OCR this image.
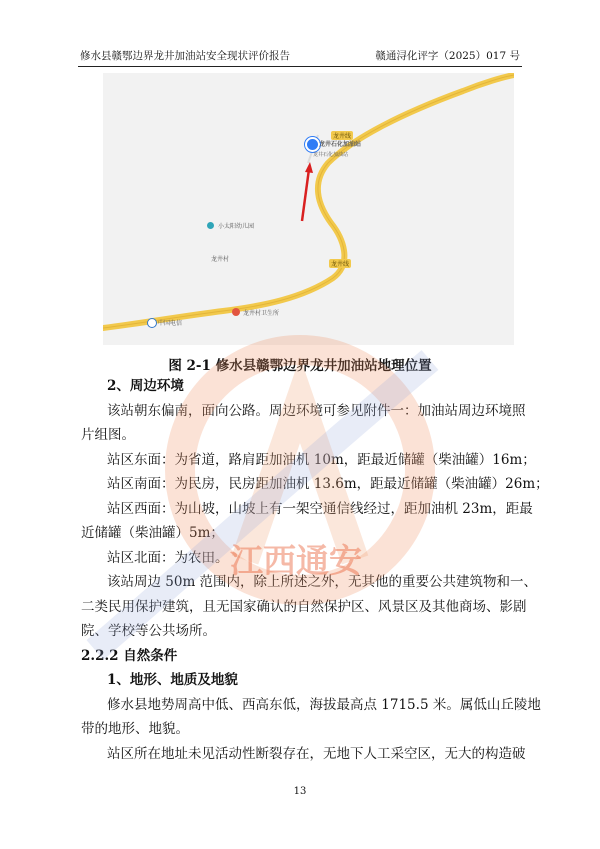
修水县赣鄂边界龙井加油站安全现状评价报告	赣通浔化评字（2025）017 号
龙井线
龙井线
龙井石化加油站
龙井石化加油站
小太阳幼儿园
龙井村
中国电信
龙井村卫生所
图 2-1 修水县赣鄂边界龙井加油站地理位置
2、周边环境
该站朝东偏南，面向公路。周边环境可参见附件一：加油站周边环境照
片组图。
站区东面：为省道，路肩距加油机 10m，距最近储罐（柴油罐）16m；
站区南面：为民房，民房距加油机 13.6m，距最近储罐（柴油罐）26m；
站区西面：为山坡，山坡上有一架空通信线经过，距加油机 23m，距最
近储罐（柴油罐）5m；
站区北面：为农田。
该站周边 50m 范围内，除上所述之外，无其他的重要公共建筑物和一、
二类民用保护建筑，且无国家确认的自然保护区、风景区及其他商场、影剧
院、学校等公共场所。
2.2.2 自然条件
1、地形、地质及地貌
修水县地势周高中低、西高东低，海拔最高点 1715.5 米。属低山丘陵地
带的地形、地貌。
站区所在地址未见活动性断裂存在，无地下人工采空区，无大的构造破
江西通安
13
